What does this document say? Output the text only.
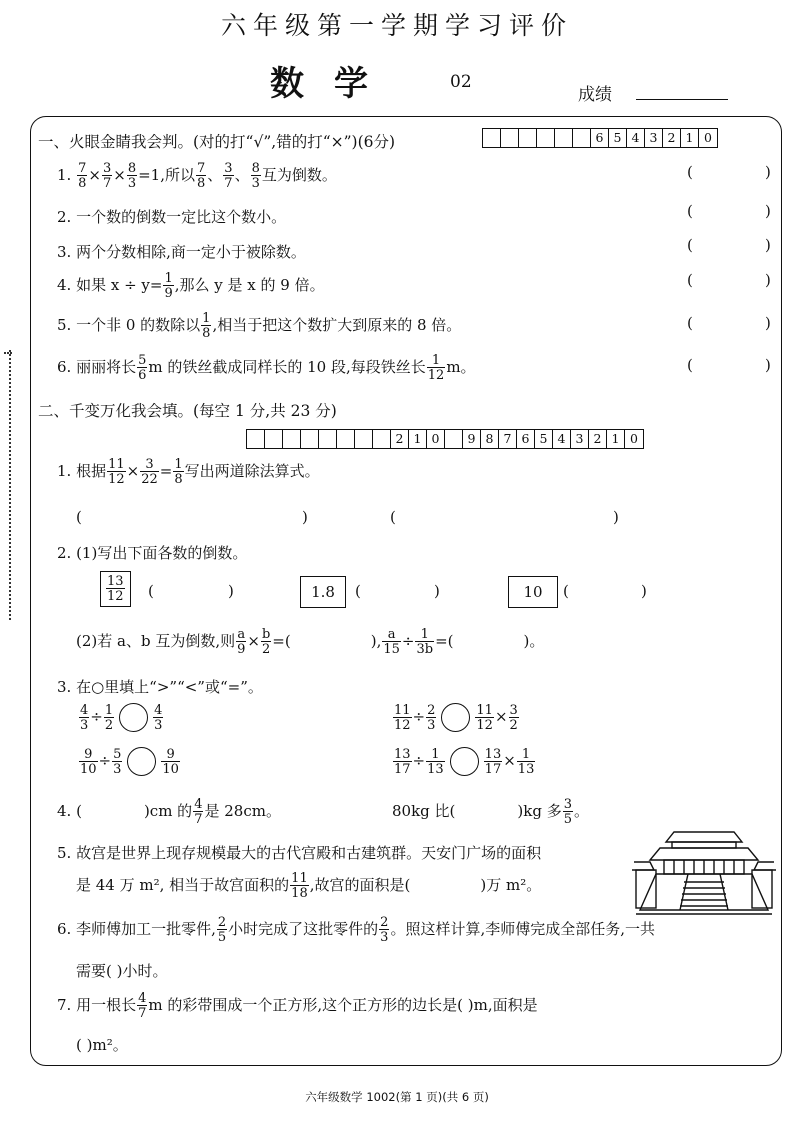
六年级第一学期学习评价
数学	02
成绩
一、火眼金睛我会判。(对的打“√”,错的打“×”)(6分)	6 5 4 3 2 1 0
1. $\frac{7}{8} \times \frac{3}{7} \times \frac{8}{3} =1$,所以 $\frac{7}{8}$ 、 $\frac{3}{7}$ 、 $\frac{8}{3}$ 互为倒数。
2. 一个数的倒数一定比这个数小。
3. 两个分数相除,商一定小于被除数。
4. 如果 $x \div y= \frac{1}{9}$ ,那么 y 是 x 的 9 倍。
5. 一个非 0 的数除以 $\frac{1}{8}$ ,相当于把这个数扩大到原来的 8 倍。
6. 丽丽将长 $\frac{5}{6}$ m 的铁丝截成同样长的 10 段,每段铁丝长 $\frac{1}{12}$ m。
(	)
(	)
(	)
(	)
(	)
(	)
二、千变万化我会填。(每空 1 分,共 23 分)
2 1 0	9 8 7 6 5 4 3 2 1 0
1. 根据 $\frac{11}{12} \times \frac{3}{22} = \frac{1}{8}$ 写出两道除法算式。
(	)	(	)
2. (1)写出下面各数的倒数。
$\frac{13}{12}$ (	)	1.8	(	)	10	(	)
(2)若 a、b 互为倒数,则 $\frac{a}{9} \times \frac{b}{2}$ =(	), $\frac{a}{15} \div \frac{1}{3b}$ =(	)。
3. 在○里填上“>”“<”或“=”。
$\frac{4}{3} \div \frac{1}{2}$	$\frac{4}{3}$	$\frac{11}{12} \div \frac{2}{3}$	$\frac{11}{12} \times \frac{3}{2}$
$\frac{9}{10} \div \frac{5}{3}$	$\frac{9}{10}$	$\frac{13}{17} \div \frac{1}{13}$	$\frac{13}{17} \times \frac{1}{13}$
4. (	)cm 的 $\frac{4}{7}$ 是 28cm。	80kg 比(	)kg 多 $\frac{3}{5}$ 。
5. 故宫是世界上现存规模最大的古代宫殿和古建筑群。天安门广场的面积
是 44 万 m², 相当于故宫面积的 $\frac{11}{18}$ ,故宫的面积是(	)万 m²。
6. 李师傅加工一批零件, $\frac{2}{5}$ 小时完成了这批零件的 $\frac{2}{3}$ 。照这样计算,李师傅完成全部任务,一共
需要( )小时。
7. 用一根长 $\frac{4}{7}$ m 的彩带围成一个正方形,这个正方形的边长是( )m,面积是
( )m²。
六年级数学 1002(第 1 页)(共 6 页)
